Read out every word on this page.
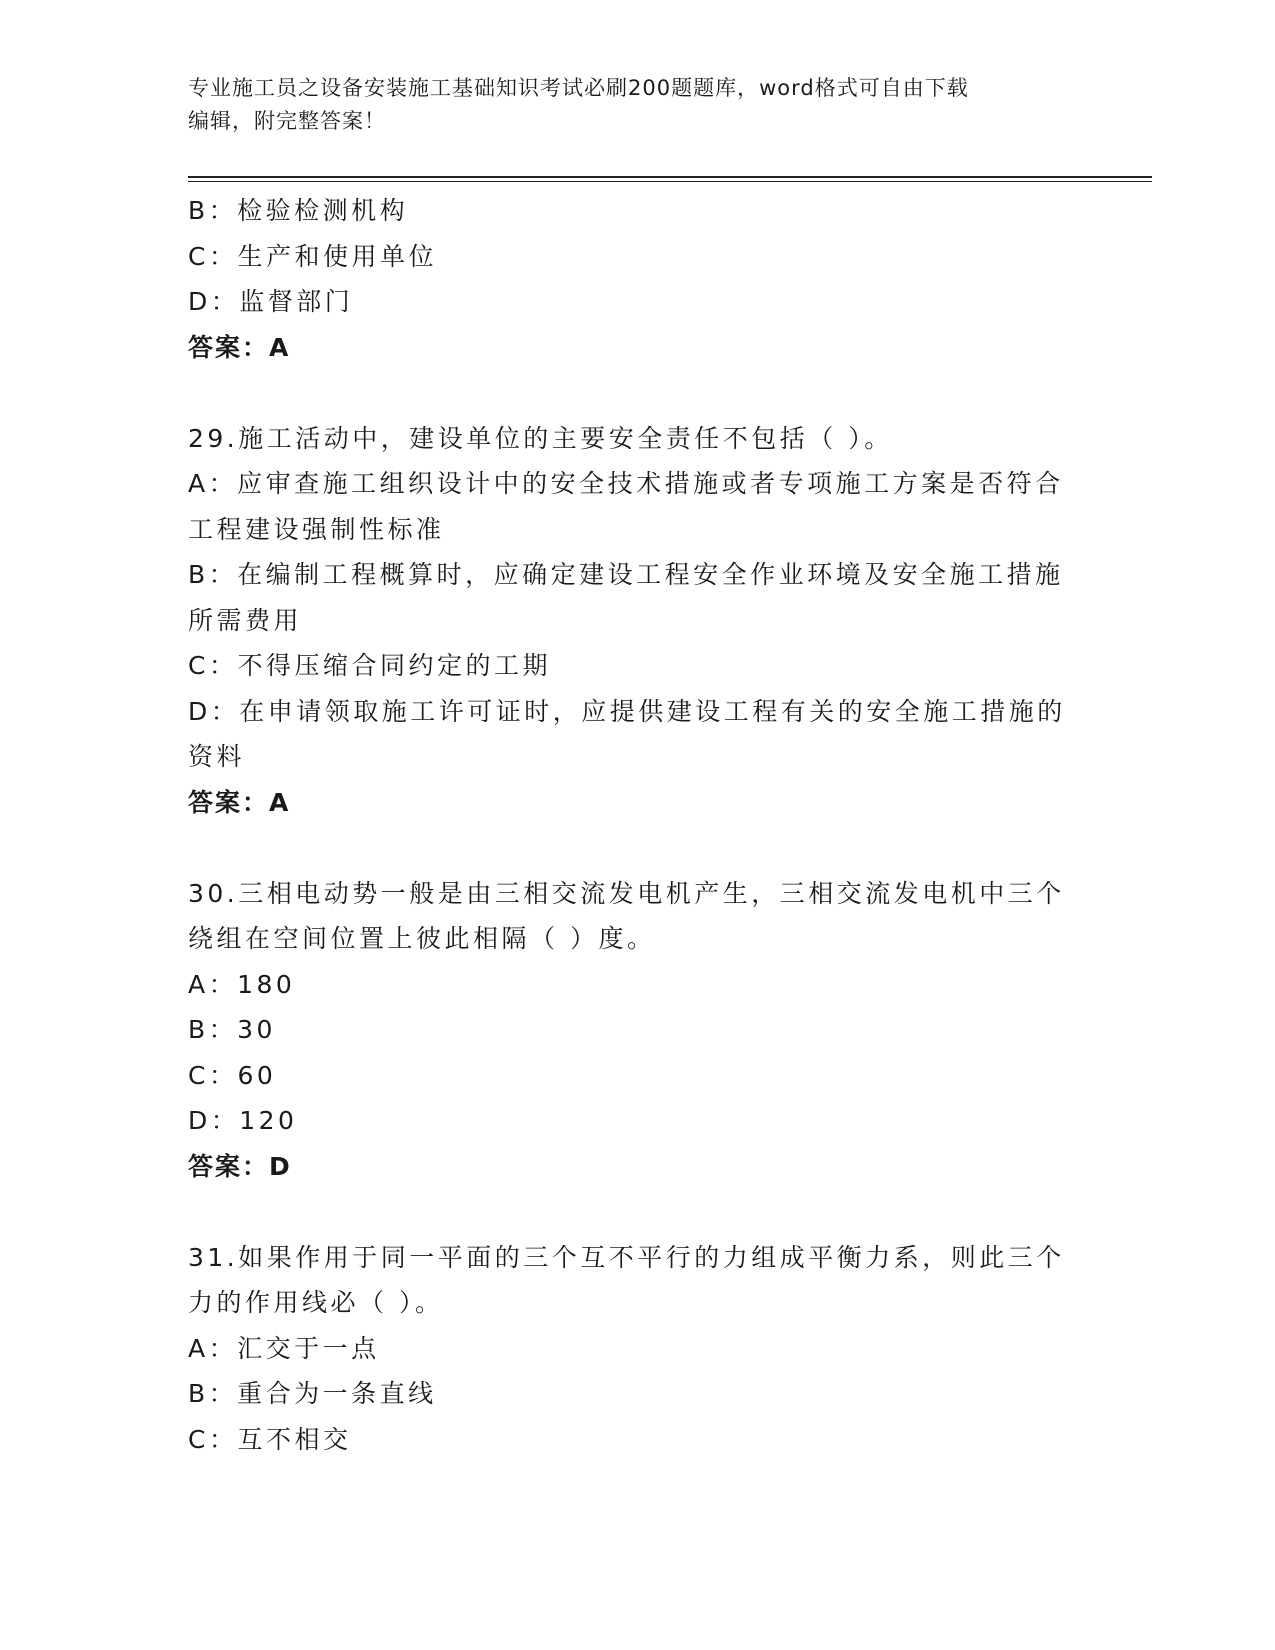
专业施工员之设备安装施工基础知识考试必刷200题题库，word格式可自由下载
编辑，附完整答案！
B：检验检测机构
C：生产和使用单位
D：监督部门
答案：A
29.施工活动中，建设单位的主要安全责任不包括（ ）。
A：应审查施工组织设计中的安全技术措施或者专项施工方案是否符合
工程建设强制性标准
B：在编制工程概算时，应确定建设工程安全作业环境及安全施工措施
所需费用
C：不得压缩合同约定的工期
D：在申请领取施工许可证时，应提供建设工程有关的安全施工措施的
资料
答案：A
30.三相电动势一般是由三相交流发电机产生，三相交流发电机中三个
绕组在空间位置上彼此相隔（ ）度。
A：180
B：30
C：60
D：120
答案：D
31.如果作用于同一平面的三个互不平行的力组成平衡力系，则此三个
力的作用线必（ ）。
A：汇交于一点
B：重合为一条直线
C：互不相交
